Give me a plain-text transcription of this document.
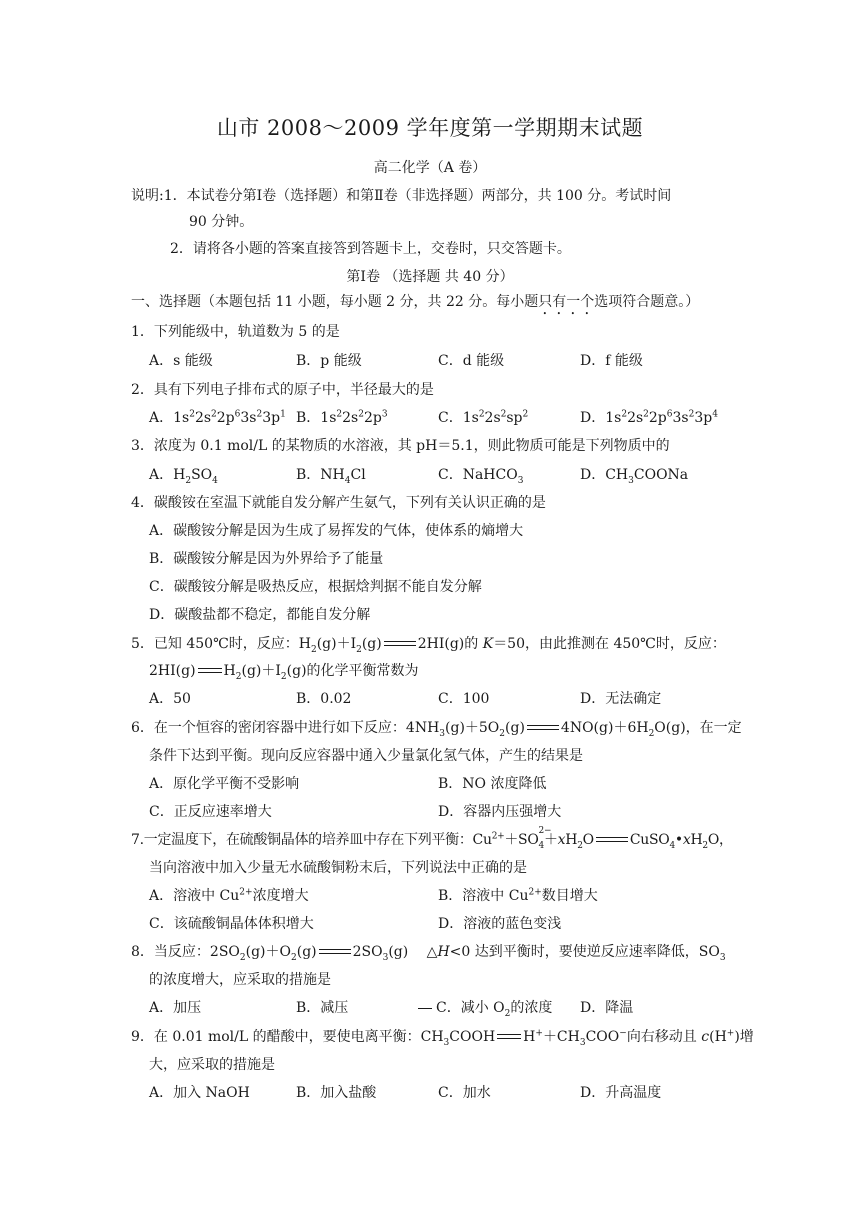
山市 2008～2009 学年度第一学期期末试题
高二化学（A 卷）
说明:1．本试卷分第Ⅰ卷（选择题）和第Ⅱ卷（非选择题）两部分，共 100 分。考试时间
90 分钟。
2．请将各小题的答案直接答到答题卡上，交卷时，只交答题卡。
第Ⅰ卷 （选择题 共 40 分）
一、选择题（本题包括 11 小题，每小题 2 分，共 22 分。每小题只有一个选项符合题意。）
1．下列能级中，轨道数为 5 的是
A．s 能级	B．p 能级	C．d 能级	D．f 能级
2．具有下列电子排布式的原子中，半径最大的是
A．$1s^22s^22p^63s^23p^1$ B．$1s^22s^22p^3$	C．$1s^22s^2sp^2$	D．$1s^22s^22p^63s^23p^4$
3．浓度为 0.1 mol/L 的某物质的水溶液，其 pH＝5.1，则此物质可能是下列物质中的
A．$H_2SO_4$	B．$NH_4Cl$	C．NaHCO$_3$	D．$CH_3COONa$
4．碳酸铵在室温下就能自发分解产生氨气，下列有关认识正确的是
A．碳酸铵分解是因为生成了易挥发的气体，使体系的熵增大
B．碳酸铵分解是因为外界给予了能量
C．碳酸铵分解是吸热反应，根据焓判据不能自发分解
D．碳酸盐都不稳定，都能自发分解
5．已知 450℃时，反应：$H_2(g)+I_2(g)$	2HI(g)的 K＝50，由此推测在 450℃时，反应：
2HI(g) $H_2(g)+I_2(g)$的化学平衡常数为
A．50	B．0.02	C．100	D．无法确定
6．在一个恒容的密闭容器中进行如下反应：$4NH_3(g)+5O_2(g)$	$4NO(g)+6H_2O(g)$，在一定
条件下达到平衡。现向反应容器中通入少量氯化氢气体，产生的结果是
A．原化学平衡不受影响	B．NO 浓度降低
C．正反应速率增大	D．容器内压强增大
7.一定温度下，在硫酸铜晶体的培养皿中存在下列平衡：$Cu^{2+}+SO$
$_{2- 4}+xH_2O$	$CuSO_4•xH_2O$，
当向溶液中加入少量无水硫酸铜粉末后，下列说法中正确的是
A．溶液中 $Cu^{2+}$浓度增大	B．溶液中 $Cu^{2+}$数目增大
C．该硫酸铜晶体体积增大	D．溶液的蓝色变浅
8．当反应：$2SO_2(g)+O_2(g)$	$2SO_3(g)$　 △H<0 达到平衡时，要使逆反应速率降低，$SO_3$
的浓度增大，应采取的措施是
A．加压	B．减压	C．减小 $O_2$的浓度 D．降温
9．在 0.01 mol/L 的醋酸中，要使电离平衡：$CH_3COOH$ $H^++CH_3COO^-$向右移动且 c(H+)增
大，应采取的措施是
A．加入 NaOH	B．加入盐酸	C．加水	D．升高温度
